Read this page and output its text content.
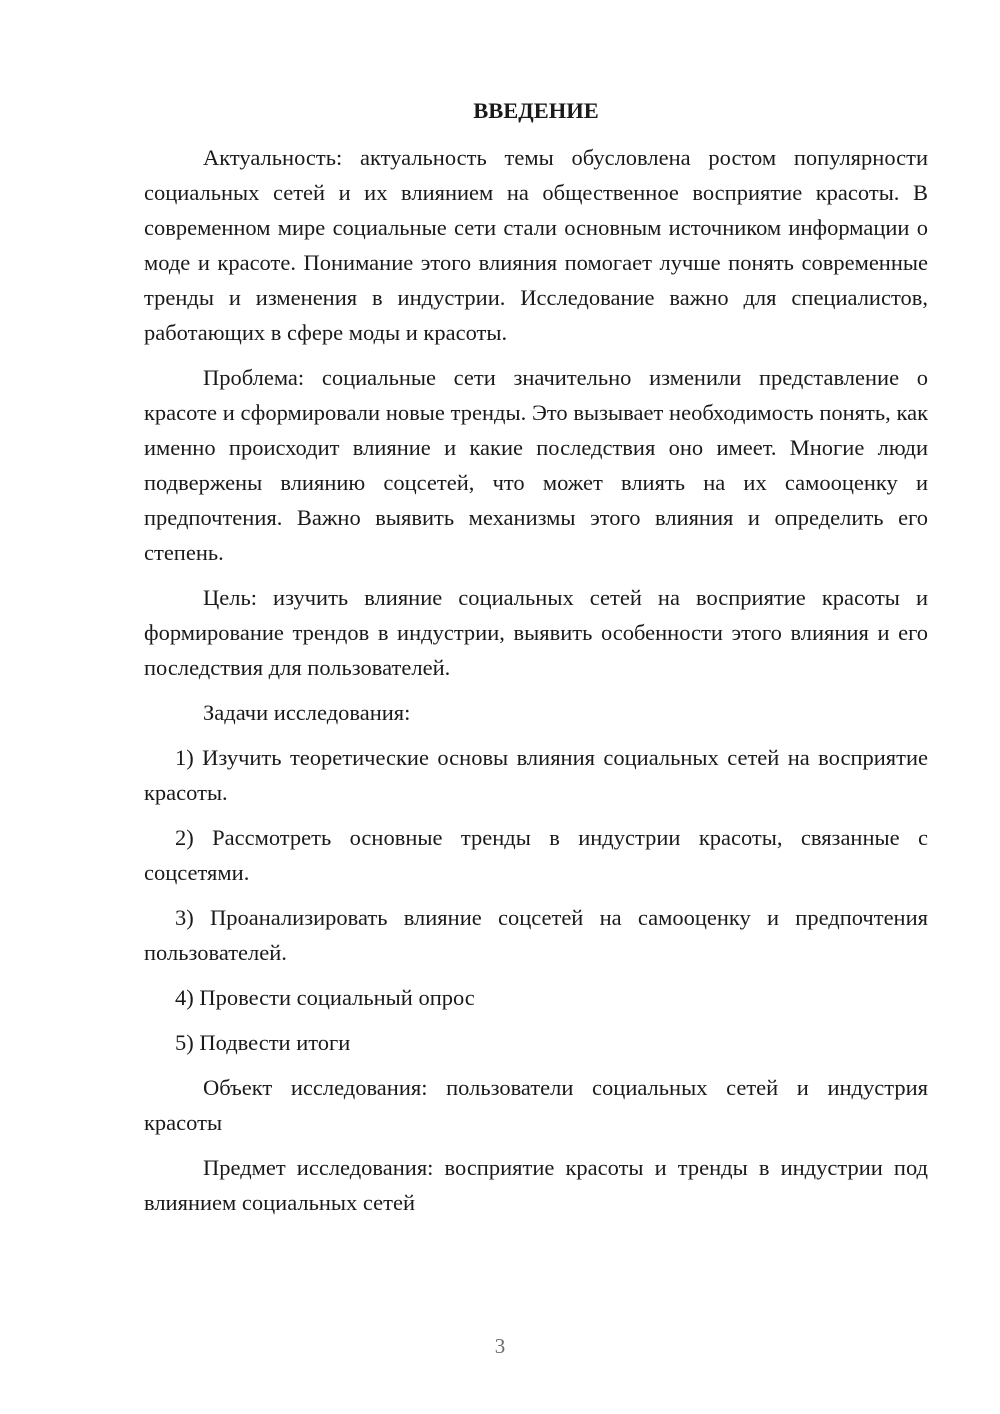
ВВЕДЕНИЕ

Актуальность: актуальность темы обусловлена ростом популярности социальных сетей и их влиянием на общественное восприятие красоты. В современном мире социальные сети стали основным источником информации о моде и красоте. Понимание этого влияния помогает лучше понять современные тренды и изменения в индустрии. Исследование важно для специалистов, работающих в сфере моды и красоты.

Проблема: социальные сети значительно изменили представление о красоте и сформировали новые тренды. Это вызывает необходимость понять, как именно происходит влияние и какие последствия оно имеет. Многие люди подвержены влиянию соцсетей, что может влиять на их самооценку и предпочтения. Важно выявить механизмы этого влияния и определить его степень.

Цель: изучить влияние социальных сетей на восприятие красоты и формирование трендов в индустрии, выявить особенности этого влияния и его последствия для пользователей.

Задачи исследования:

1) Изучить теоретические основы влияния социальных сетей на восприятие красоты.

2) Рассмотреть основные тренды в индустрии красоты, связанные с соцсетями.

3) Проанализировать влияние соцсетей на самооценку и предпочтения пользователей.

4) Провести социальный опрос

5) Подвести итоги

Объект исследования: пользователи социальных сетей и индустрия красоты

Предмет исследования: восприятие красоты и тренды в индустрии под влиянием социальных сетей

3
